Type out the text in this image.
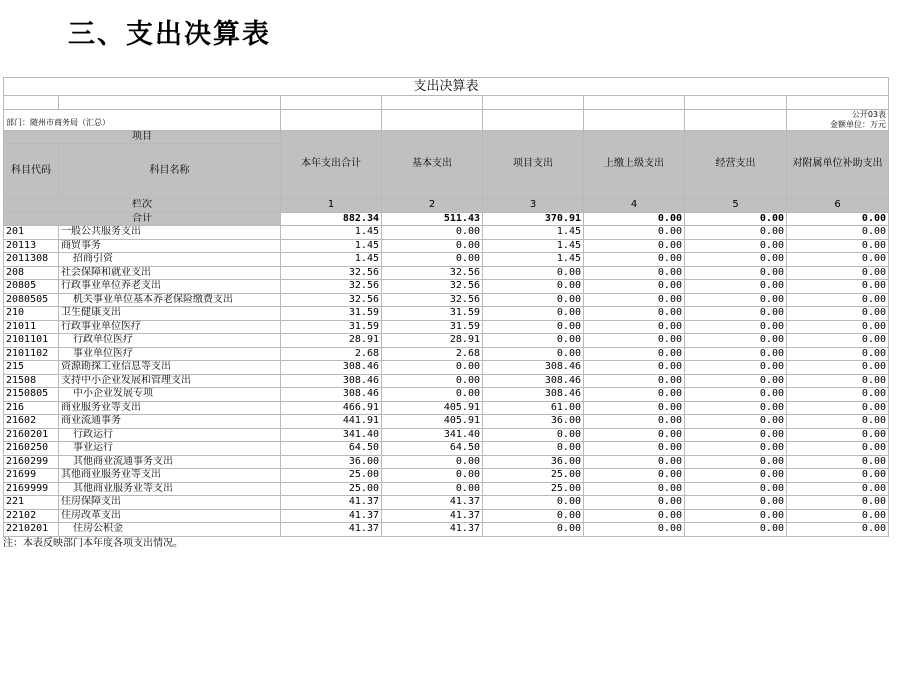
三、支出决算表
支出决算表							

部门：随州市商务局（汇总）							公开03表
金额单位：万元

项目		本年支出合计	基本支出	项目支出	上缴上级支出	经营支出	对附属单位补助支出
科目代码	科目名称						
栏次		1	2	3	4	5	6
合计		882.34	511.43	370.91	0.00	0.00	0.00
201	一般公共服务支出	1.45	0.00	1.45	0.00	0.00	0.00
20113	商贸事务	1.45	0.00	1.45	0.00	0.00	0.00
2011308	招商引资	1.45	0.00	1.45	0.00	0.00	0.00
208	社会保障和就业支出	32.56	32.56	0.00	0.00	0.00	0.00
20805	行政事业单位养老支出	32.56	32.56	0.00	0.00	0.00	0.00
2080505	机关事业单位基本养老保险缴费支出	32.56	32.56	0.00	0.00	0.00	0.00
210	卫生健康支出	31.59	31.59	0.00	0.00	0.00	0.00
21011	行政事业单位医疗	31.59	31.59	0.00	0.00	0.00	0.00
2101101	行政单位医疗	28.91	28.91	0.00	0.00	0.00	0.00
2101102	事业单位医疗	2.68	2.68	0.00	0.00	0.00	0.00
215	资源勘探工业信息等支出	308.46	0.00	308.46	0.00	0.00	0.00
21508	支持中小企业发展和管理支出	308.46	0.00	308.46	0.00	0.00	0.00
2150805	中小企业发展专项	308.46	0.00	308.46	0.00	0.00	0.00
216	商业服务业等支出	466.91	405.91	61.00	0.00	0.00	0.00
21602	商业流通事务	441.91	405.91	36.00	0.00	0.00	0.00
2160201	行政运行	341.40	341.40	0.00	0.00	0.00	0.00
2160250	事业运行	64.50	64.50	0.00	0.00	0.00	0.00
2160299	其他商业流通事务支出	36.00	0.00	36.00	0.00	0.00	0.00
21699	其他商业服务业等支出	25.00	0.00	25.00	0.00	0.00	0.00
2169999	其他商业服务业等支出	25.00	0.00	25.00	0.00	0.00	0.00
221	住房保障支出	41.37	41.37	0.00	0.00	0.00	0.00
22102	住房改革支出	41.37	41.37	0.00	0.00	0.00	0.00
2210201	住房公积金	41.37	41.37	0.00	0.00	0.00	0.00
注：本表反映部门本年度各项支出情况。
